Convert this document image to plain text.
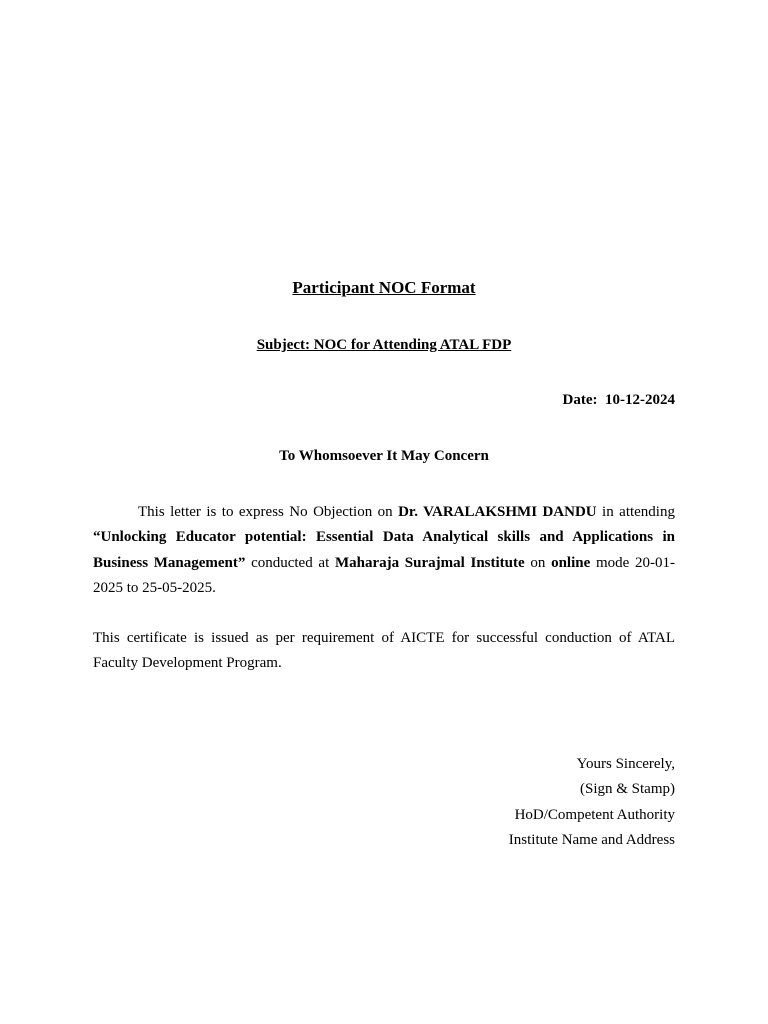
Participant NOC Format
Subject: NOC for Attending ATAL FDP
Date: 10-12-2024
To Whomsoever It May Concern

This letter is to express No Objection on Dr. VARALAKSHMI DANDU in attending “Unlocking Educator potential: Essential Data Analytical skills and Applications in Business Management” conducted at Maharaja Surajmal Institute on online mode 20-01-2025 to 25-05-2025.

This certificate is issued as per requirement of AICTE for successful conduction of ATAL Faculty Development Program.

Yours Sincerely,
(Sign & Stamp)
HoD/Competent Authority
Institute Name and Address
